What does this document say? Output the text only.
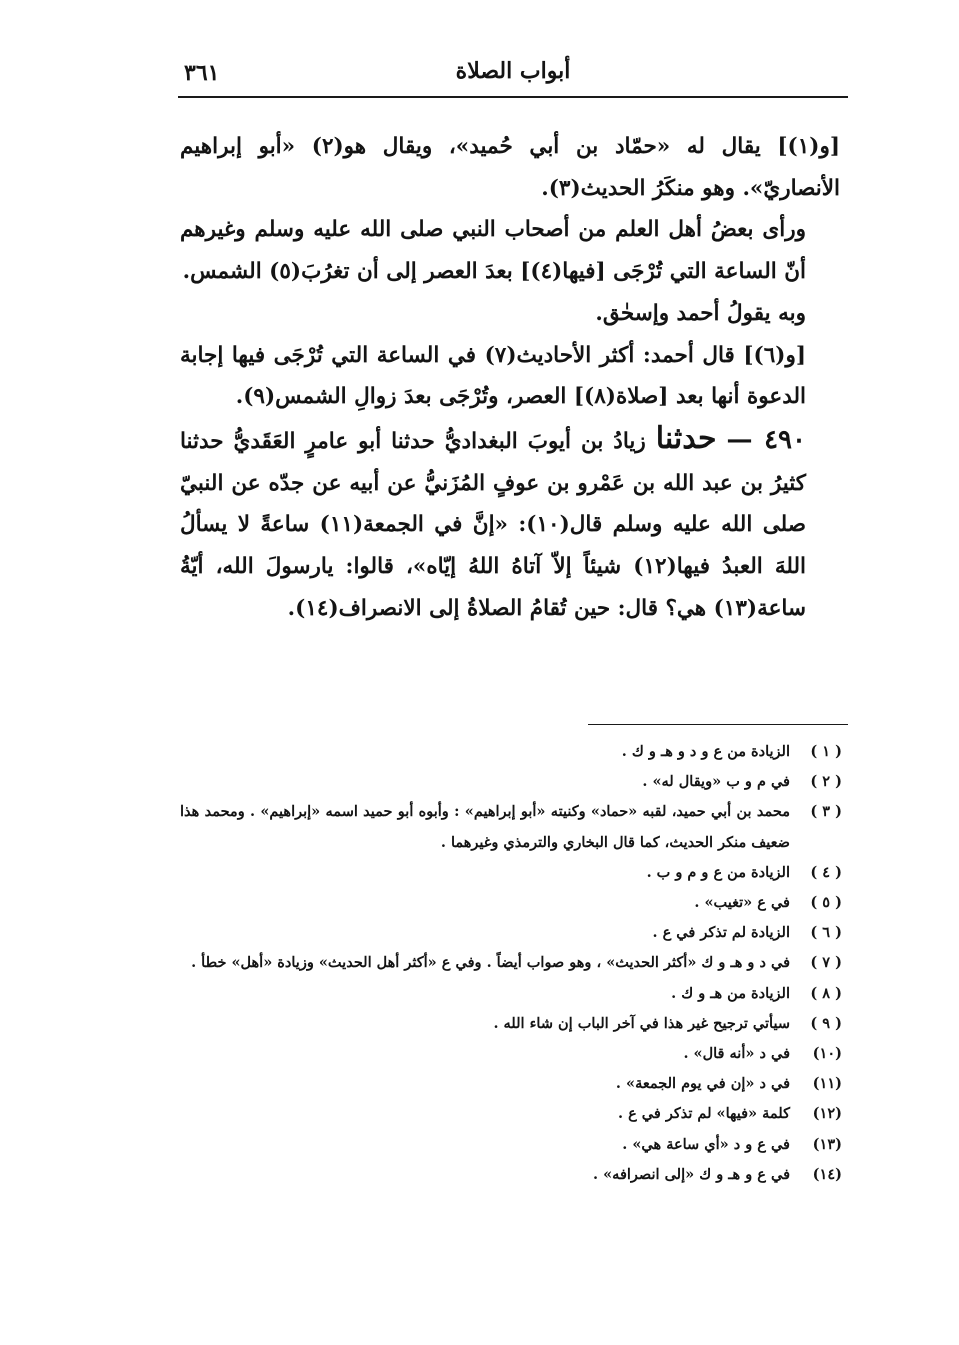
أبواب الصلاة
٣٦١

[و(١)] يقال له «حمّاد بن أبي حُميد»، ويقال هو(٢) «أبو إبراهيم الأنصاريّ». وهو منكَرُ الحديث(٣).

ورأى بعضُ أهل العلم من أصحاب النبي صلى الله عليه وسلم وغيرهم أنّ الساعة التي تُرْجَى [فيها(٤)] بعدَ العصر إلى أن تغرُبَ(٥) الشمس.

وبه يقولُ أحمد وإسحٰق.

[و(٦)] قال أحمد: أكثر الأحاديث(٧) في الساعة التي تُرْجَى فيها إجابة الدعوة أنها بعد [صلاة(٨)] العصر، وتُرْجَى بعدَ زوالِ الشمس(٩).

٤٩٠ — حدثنا زيادُ بن أيوبَ البغداديُّ حدثنا أبو عامرٍ العَقَديُّ حدثنا كثيرُ بن عبد الله بن عَمْرو بن عوفٍ المُزَنيُّ عن أبيه عن جدّه عن النبيّ صلى الله عليه وسلم قال(١٠): «إنَّ في الجمعة(١١) ساعةً لا يسألُ اللهَ العبدُ فيها(١٢) شيئاً إلاّ آتاهُ اللهُ إيّاه»، قالوا: يارسولَ الله، أيّةُ ساعة(١٣) هي؟ قال: حين تُقامُ الصلاةُ إلى الانصراف(١٤).

( ١ )
الزيادة من ع و د و هـ و ك .
( ٢ )
في م و ب «ويقال له» .
( ٣ )
محمد بن أبي حميد، لقبه «حماد» وكنيته «أبو إبراهيم» : وأبوه أبو حميد اسمه «إبراهيم» . ومحمد هذا ضعيف منكر الحديث، كما قال البخاري والترمذي وغيرهما .
( ٤ )
الزيادة من ع و م و ب .
( ٥ )
في ع «تغيب» .
( ٦ )
الزيادة لم تذكر في ع .
( ٧ )
في د و هـ و ك «أكثر الحديث» ، وهو صواب أيضاً . وفي ع «أكثر أهل الحديث» وزيادة «أهل» خطأ .
( ٨ )
الزيادة من هـ و ك .
( ٩ )
سيأتي ترجيح غير هذا في آخر الباب إن شاء الله .
(١٠)
في د «أنه قال» .
(١١)
في د «إن في يوم الجمعة» .
(١٢)
كلمة «فيها» لم تذكر في ع .
(١٣)
في ع و د «أي ساعة هي» .
(١٤)
في ع و هـ و ك «إلى انصرافه» .
